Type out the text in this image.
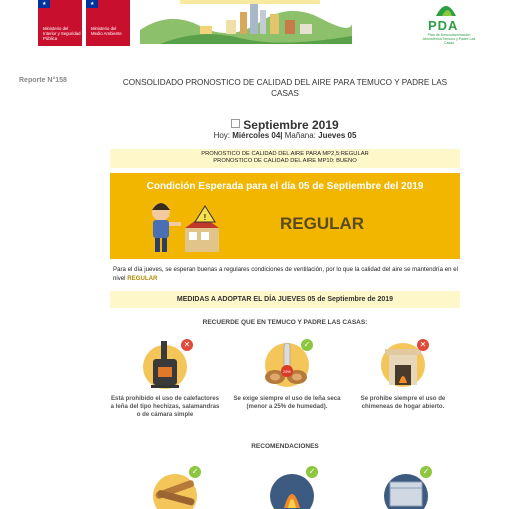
★
Ministerio del Interior y Seguridad Pública
★
Ministerio del Medio Ambiente
PDA
Plan de Descontaminación Atmosférica Temuco y Padre Las Casas
Reporte N°158	CONSOLIDADO PRONOSTICO DE CALIDAD DEL AIRE PARA TEMUCO Y PADRE LAS CASAS
Septiembre 2019
Hoy: Miércoles 04| Mañana: Jueves 05
PRONOSTICO DE CALIDAD DEL AIRE PARA MP2,5:REGULAR
PRONOSTICO DE CALIDAD DEL AIRE MP10: BUENO
Condición Esperada para el día 05 de Septiembre del 2019
!	REGULAR
Para el día jueves, se esperan buenas a regulares condiciones de ventilación, por lo que la calidad del aire se mantendría en el nivel REGULAR
MEDIDAS A ADOPTAR EL DÍA JUEVES 05 de Septiembre de 2019
RECUERDE QUE EN TEMUCO Y PADRE LAS CASAS:
✕
Está prohibido el uso de calefactores a leña del tipo hechizas, salamandras o de cámara simple
25%
✓
Se exige siempre el uso de leña seca (menor a 25% de humedad).
✕
Se prohibe siempre el uso de chimeneas de hogar abierto.
RECOMENDACIONES
✓	✓	✓
